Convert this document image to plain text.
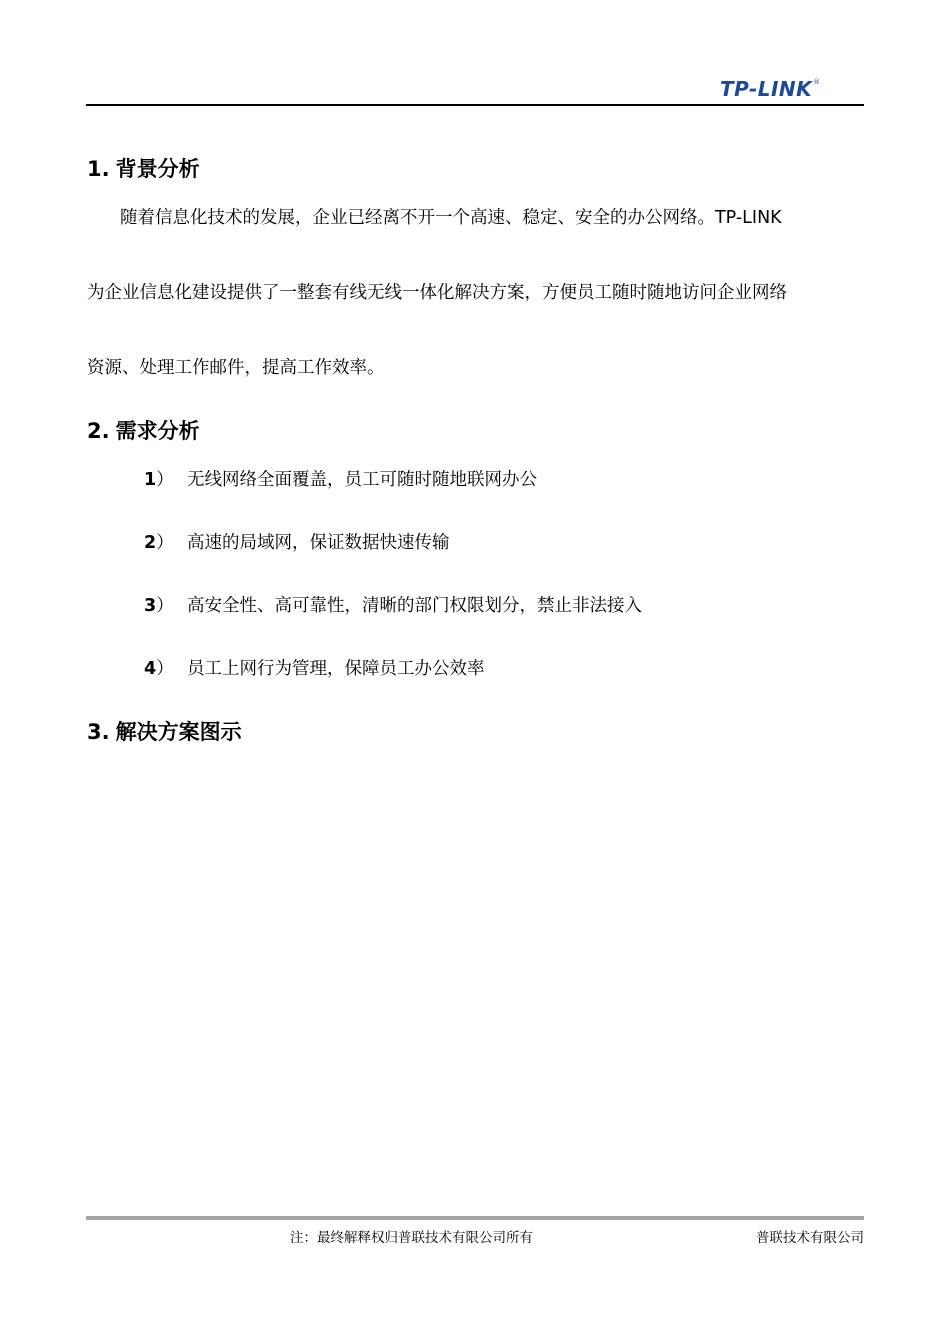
TP-LINK ®
1. 背景分析
随着信息化技术的发展，企业已经离不开一个高速、稳定、安全的办公网络。TP-LINK
为企业信息化建设提供了一整套有线无线一体化解决方案，方便员工随时随地访问企业网络
资源、处理工作邮件，提高工作效率。
2. 需求分析
1） 无线网络全面覆盖，员工可随时随地联网办公
2） 高速的局域网，保证数据快速传输
3） 高安全性、高可靠性，清晰的部门权限划分，禁止非法接入
4） 员工上网行为管理，保障员工办公效率
3. 解决方案图示
注：最终解释权归普联技术有限公司所有	普联技术有限公司
